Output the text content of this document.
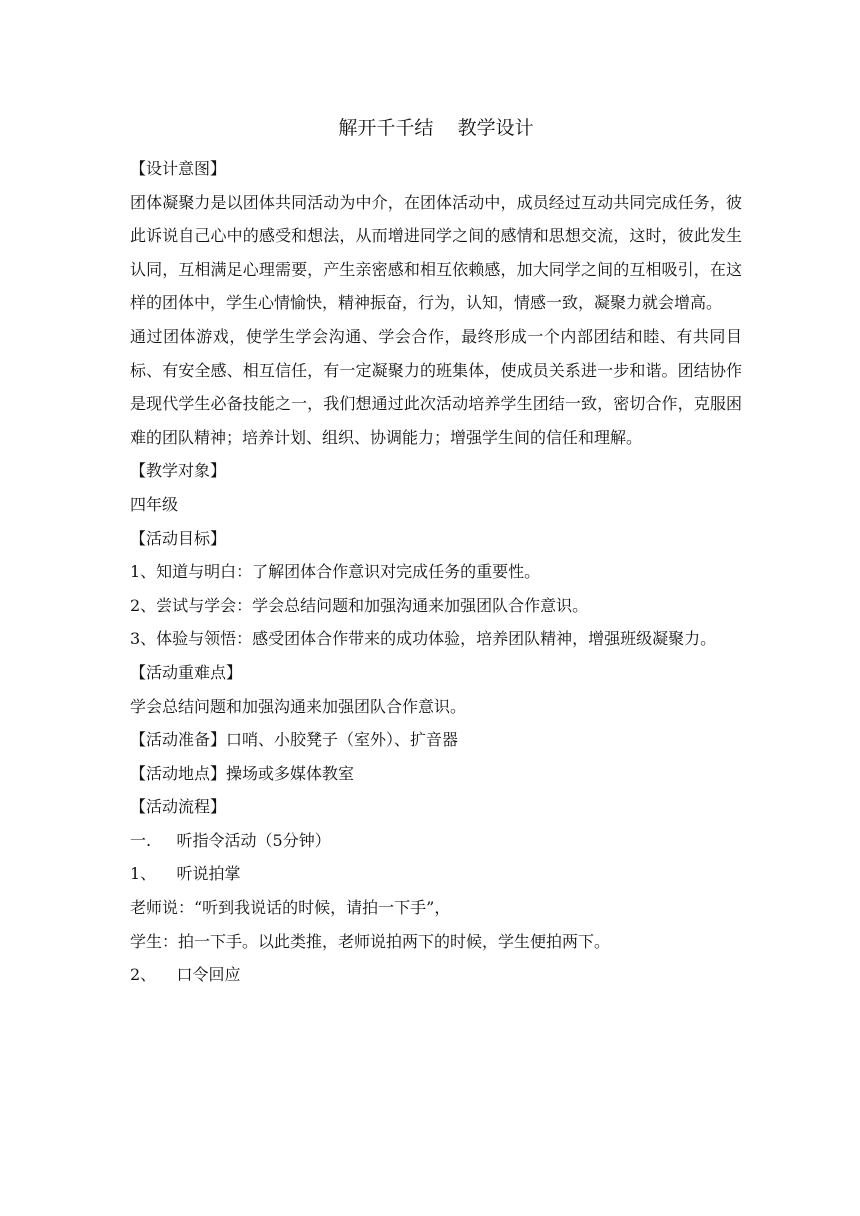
解开千千结    教学设计

【设计意图】

团体凝聚力是以团体共同活动为中介，在团体活动中，成员经过互动共同完成任务，彼此诉说自己心中的感受和想法，从而增进同学之间的感情和思想交流，这时，彼此发生认同，互相满足心理需要，产生亲密感和相互依赖感，加大同学之间的互相吸引，在这样的团体中，学生心情愉快，精神振奋，行为，认知，情感一致，凝聚力就会增高。

通过团体游戏，使学生学会沟通、学会合作，最终形成一个内部团结和睦、有共同目标、有安全感、相互信任，有一定凝聚力的班集体，使成员关系进一步和谐。团结协作是现代学生必备技能之一，我们想通过此次活动培养学生团结一致，密切合作，克服困难的团队精神；培养计划、组织、协调能力；增强学生间的信任和理解。

【教学对象】

四年级

【活动目标】

1、知道与明白：了解团体合作意识对完成任务的重要性。

2、尝试与学会：学会总结问题和加强沟通来加强团队合作意识。

3、体验与领悟：感受团体合作带来的成功体验，培养团队精神，增强班级凝聚力。

【活动重难点】

学会总结问题和加强沟通来加强团队合作意识。

【活动准备】口哨、小胶凳子（室外）、扩音器

【活动地点】操场或多媒体教室

【活动流程】

一.     听指令活动（5分钟）

1、    听说拍掌

老师说：“听到我说话的时候，请拍一下手”，

学生：拍一下手。以此类推，老师说拍两下的时候，学生便拍两下。

2、    口令回应
